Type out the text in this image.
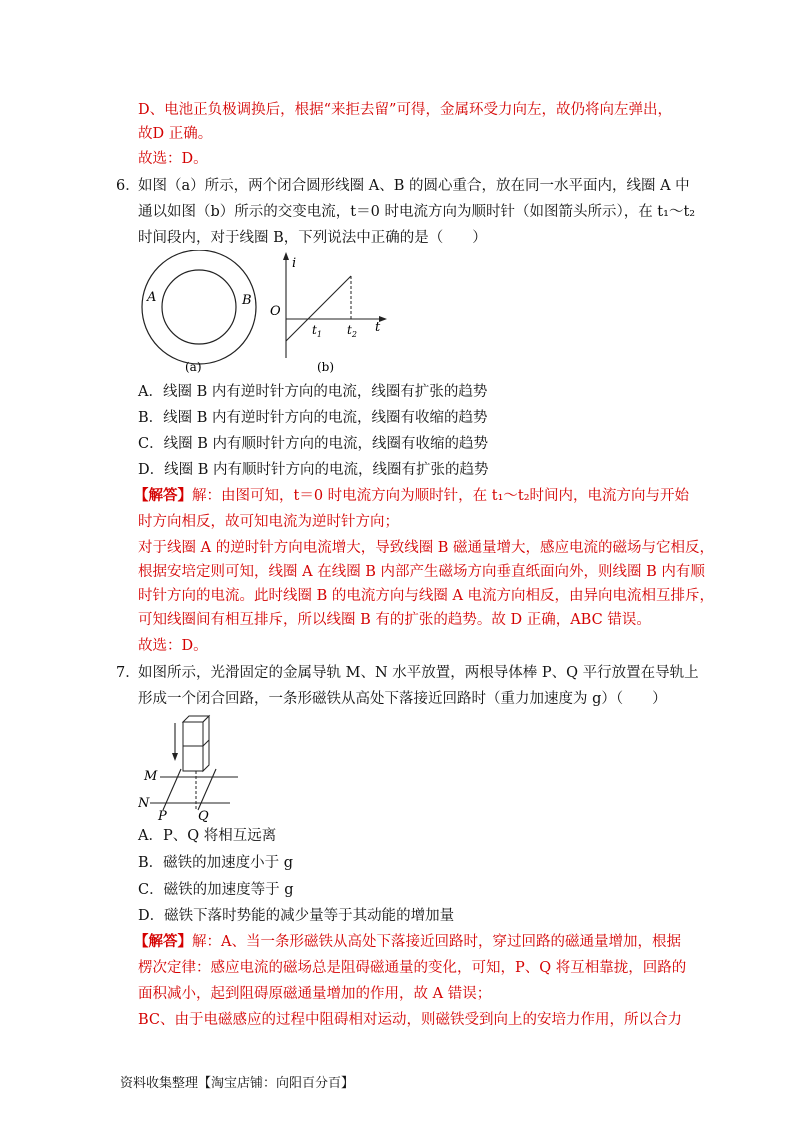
D、电池正负极调换后，根据“来拒去留”可得，金属环受力向左，故仍将向左弹出，
故D 正确。
故选：D。
6．
如图（a）所示，两个闭合圆形线圈 A、B 的圆心重合，放在同一水平面内，线圈 A 中
通以如图（b）所示的交变电流，t＝0 时电流方向为顺时针（如图箭头所示），在 t₁～t₂
时间段内，对于线圈 B，下列说法中正确的是（　　）
A	B
(a)
i
O
t
$t_1$ $t_2$
(b)
A．线圈 B 内有逆时针方向的电流，线圈有扩张的趋势
B．线圈 B 内有逆时针方向的电流，线圈有收缩的趋势
C．线圈 B 内有顺时针方向的电流，线圈有收缩的趋势
D．线圈 B 内有顺时针方向的电流，线圈有扩张的趋势
【解答】解：由图可知，t＝0 时电流方向为顺时针，在 t₁～t₂时间内，电流方向与开始
时方向相反，故可知电流为逆时针方向；
对于线圈 A 的逆时针方向电流增大，导致线圈 B 磁通量增大，感应电流的磁场与它相反，
根据安培定则可知，线圈 A 在线圈 B 内部产生磁场方向垂直纸面向外，则线圈 B 内有顺
时针方向的电流。此时线圈 B 的电流方向与线圈 A 电流方向相反，由异向电流相互排斥，
可知线圈间有相互排斥，所以线圈 B 有的扩张的趋势。故 D 正确，ABC 错误。
故选：D。
7．
如图所示，光滑固定的金属导轨 M、N 水平放置，两根导体棒 P、Q 平行放置在导轨上
形成一个闭合回路，一条形磁铁从高处下落接近回路时（重力加速度为 g）（　　）
M
N
P Q
A．P、Q 将相互远离
B．磁铁的加速度小于 g
C．磁铁的加速度等于 g
D．磁铁下落时势能的减少量等于其动能的增加量
【解答】解：A、当一条形磁铁从高处下落接近回路时，穿过回路的磁通量增加，根据
楞次定律：感应电流的磁场总是阻碍磁通量的变化，可知，P、Q 将互相靠拢，回路的
面积减小，起到阻碍原磁通量增加的作用，故 A 错误；
BC、由于电磁感应的过程中阻碍相对运动，则磁铁受到向上的安培力作用，所以合力
资料收集整理【淘宝店铺：向阳百分百】
